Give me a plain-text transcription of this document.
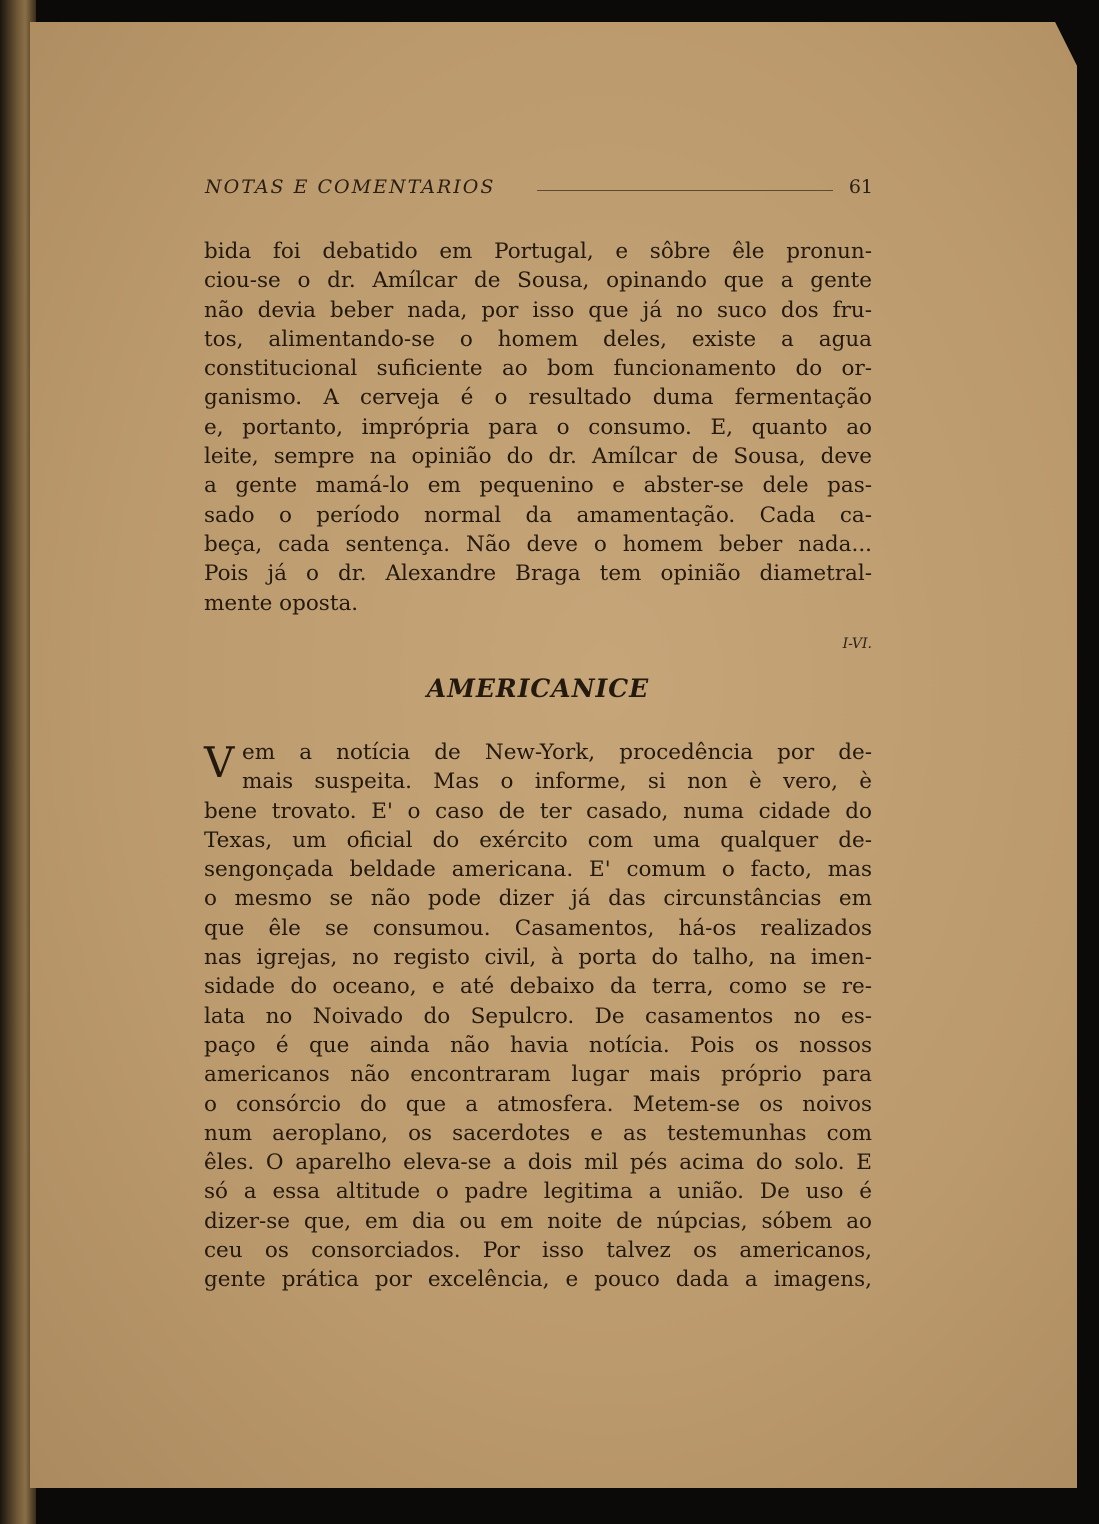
NOTAS E COMENTARIOS	61
bida foi debatido em Portugal, e sôbre êle pronun-
ciou-se o dr. Amílcar de Sousa, opinando que a gente
não devia beber nada, por isso que já no suco dos fru-
tos, alimentando-se o homem deles, existe a agua
constitucional suficiente ao bom funcionamento do or-
ganismo. A cerveja é o resultado duma fermentação
e, portanto, imprópria para o consumo. E, quanto ao
leite, sempre na opinião do dr. Amílcar de Sousa, deve
a gente mamá-lo em pequenino e abster-se dele pas-
sado o período normal da amamentação. Cada ca-
beça, cada sentença. Não deve o homem beber nada...
Pois já o dr. Alexandre Braga tem opinião diametral-
mente oposta.
I-VI.
AMERICANICE
V em a notícia de New-York, procedência por de-
mais suspeita. Mas o informe, si non è vero, è
bene trovato. E' o caso de ter casado, numa cidade do
Texas, um oficial do exército com uma qualquer de-
sengonçada beldade americana. E' comum o facto, mas
o mesmo se não pode dizer já das circunstâncias em
que êle se consumou. Casamentos, há-os realizados
nas igrejas, no registo civil, à porta do talho, na imen-
sidade do oceano, e até debaixo da terra, como se re-
lata no Noivado do Sepulcro. De casamentos no es-
paço é que ainda não havia notícia. Pois os nossos
americanos não encontraram lugar mais próprio para
o consórcio do que a atmosfera. Metem-se os noivos
num aeroplano, os sacerdotes e as testemunhas com
êles. O aparelho eleva-se a dois mil pés acima do solo. E
só a essa altitude o padre legitima a união. De uso é
dizer-se que, em dia ou em noite de núpcias, sóbem ao
ceu os consorciados. Por isso talvez os americanos,
gente prática por excelência, e pouco dada a imagens,
